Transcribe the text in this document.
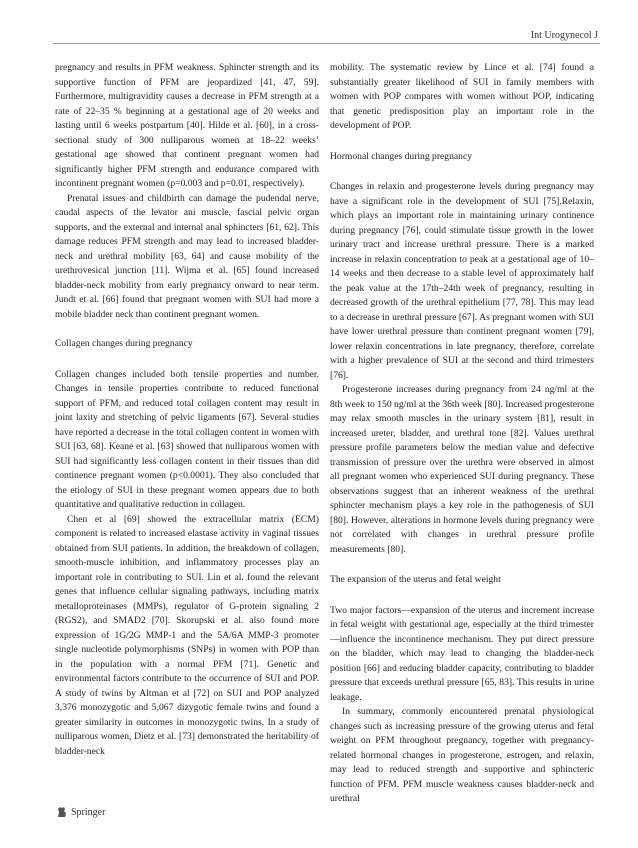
Int Urogynecol J

pregnancy and results in PFM weakness. Sphincter strength and its supportive function of PFM are jeopardized [41, 47, 59]. Furthermore, multigravidity causes a decrease in PFM strength at a rate of 22–35 % beginning at a gestational age of 20 weeks and lasting until 6 weeks postpartum [40]. Hilde et al. [60], in a cross-sectional study of 300 nulliparous women at 18–22 weeks’ gestational age showed that continent pregnant women had significantly higher PFM strength and endurance compared with incontinent pregnant women (p=0.003 and p=0.01, respectively).

Prenatal issues and childbirth can damage the pudendal nerve, caudal aspects of the levator ani muscle, fascial pelvic organ supports, and the external and internal anal sphincters [61, 62]. This damage reduces PFM strength and may lead to increased bladder-neck and urethral mobility [63, 64] and cause mobility of the urethrovesical junction [11]. Wijma et al. [65] found increased bladder-neck mobility from early pregnancy onward to near term. Jundt et al. [66] found that pregnant women with SUI had more a mobile bladder neck than continent pregnant women.

Collagen changes during pregnancy

Collagen changes included both tensile properties and number. Changes in tensile properties contribute to reduced functional support of PFM, and reduced total collagen content may result in joint laxity and stretching of pelvic ligaments [67]. Several studies have reported a decrease in the total collagen content in women with SUI [63, 68]. Keane et al. [63] showed that nulliparous women with SUI had significantly less collagen content in their tissues than did continence pregnant women (p<0.0001). They also concluded that the etiology of SUI in these pregnant women appears due to both quantitative and qualitative reduction in collagen.

Chen et al [69] showed the extracellular matrix (ECM) component is related to increased elastase activity in vaginal tissues obtained from SUI patients. In addition, the breakdown of collagen, smooth-muscle inhibition, and inflammatory processes play an important role in contributing to SUI. Lin et al. found the relevant genes that influence cellular signaling pathways, including matrix metalloproteinases (MMPs), regulator of G-protein signaling 2 (RGS2), and SMAD2 [70]. Skorupski et al. also found more expression of 1G/2G MMP-1 and the 5A/6A MMP-3 promoter single nucleotide polymorphisms (SNPs) in women with POP than in the population with a normal PFM [71]. Genetic and environmental factors contribute to the occurrence of SUI and POP. A study of twins by Altman et al [72] on SUI and POP analyzed 3,376 monozygotic and 5,067 dizygotic female twins and found a greater similarity in outcomes in monozygotic twins. In a study of nulliparous women, Dietz et al. [73] demonstrated the heritability of bladder-neck

mobility. The systematic review by Lince et al. [74] found a substantially greater likelihood of SUI in family members with women with POP compares with women without POP, indicating that genetic predisposition play an important role in the development of POP.

Hormonal changes during pregnancy

Changes in relaxin and progesterone levels during pregnancy may have a significant role in the development of SUI [75].Relaxin, which plays an important role in maintaining urinary continence during pregnancy [76], could stimulate tissue growth in the lower urinary tract and increase urethral pressure. There is a marked increase in relaxin concentration to peak at a gestational age of 10–14 weeks and then decrease to a stable level of approximately half the peak value at the 17th–24th week of pregnancy, resulting in decreased growth of the urethral epithelium [77, 78]. This may lead to a decrease in urethral pressure [67]. As pregnant women with SUI have lower urethral pressure than continent pregnant women [79], lower relaxin concentrations in late pregnancy, therefore, correlate with a higher prevalence of SUI at the second and third trimesters [76].

Progesterone increases during pregnancy from 24 ng/ml at the 8th week to 150 ng/ml at the 36th week [80]. Increased progesterone may relax smooth muscles in the urinary system [81], result in increased ureter, bladder, and urethral tone [82]. Values urethral pressure profile parameters below the median value and defective transmission of pressure over the urethra were observed in almost all pregnant women who experienced SUI during pregnancy. These observations suggest that an inherent weakness of the urethral sphincter mechanism plays a key role in the pathogenesis of SUI [80]. However, alterations in hormone levels during pregnancy were not correlated with changes in urethral pressure profile measurements [80].

The expansion of the uterus and fetal weight

Two major factors—expansion of the uterus and increment increase in fetal weight with gestational age, especially at the third trimester—influence the incontinence mechanism. They put direct pressure on the bladder, which may lead to changing the bladder-neck position [66] and reducing bladder capacity, contributing to bladder pressure that exceeds urethral pressure [65, 83]. This results in urine leakage.

In summary, commonly encountered prenatal physiological changes such as increasing pressure of the growing uterus and fetal weight on PFM throughout pregnancy, together with pregnancy-related hormonal changes in progesterone, estrogen, and relaxin, may lead to reduced strength and supportive and sphincteric function of PFM. PFM muscle weakness causes bladder-neck and urethral

Springer
